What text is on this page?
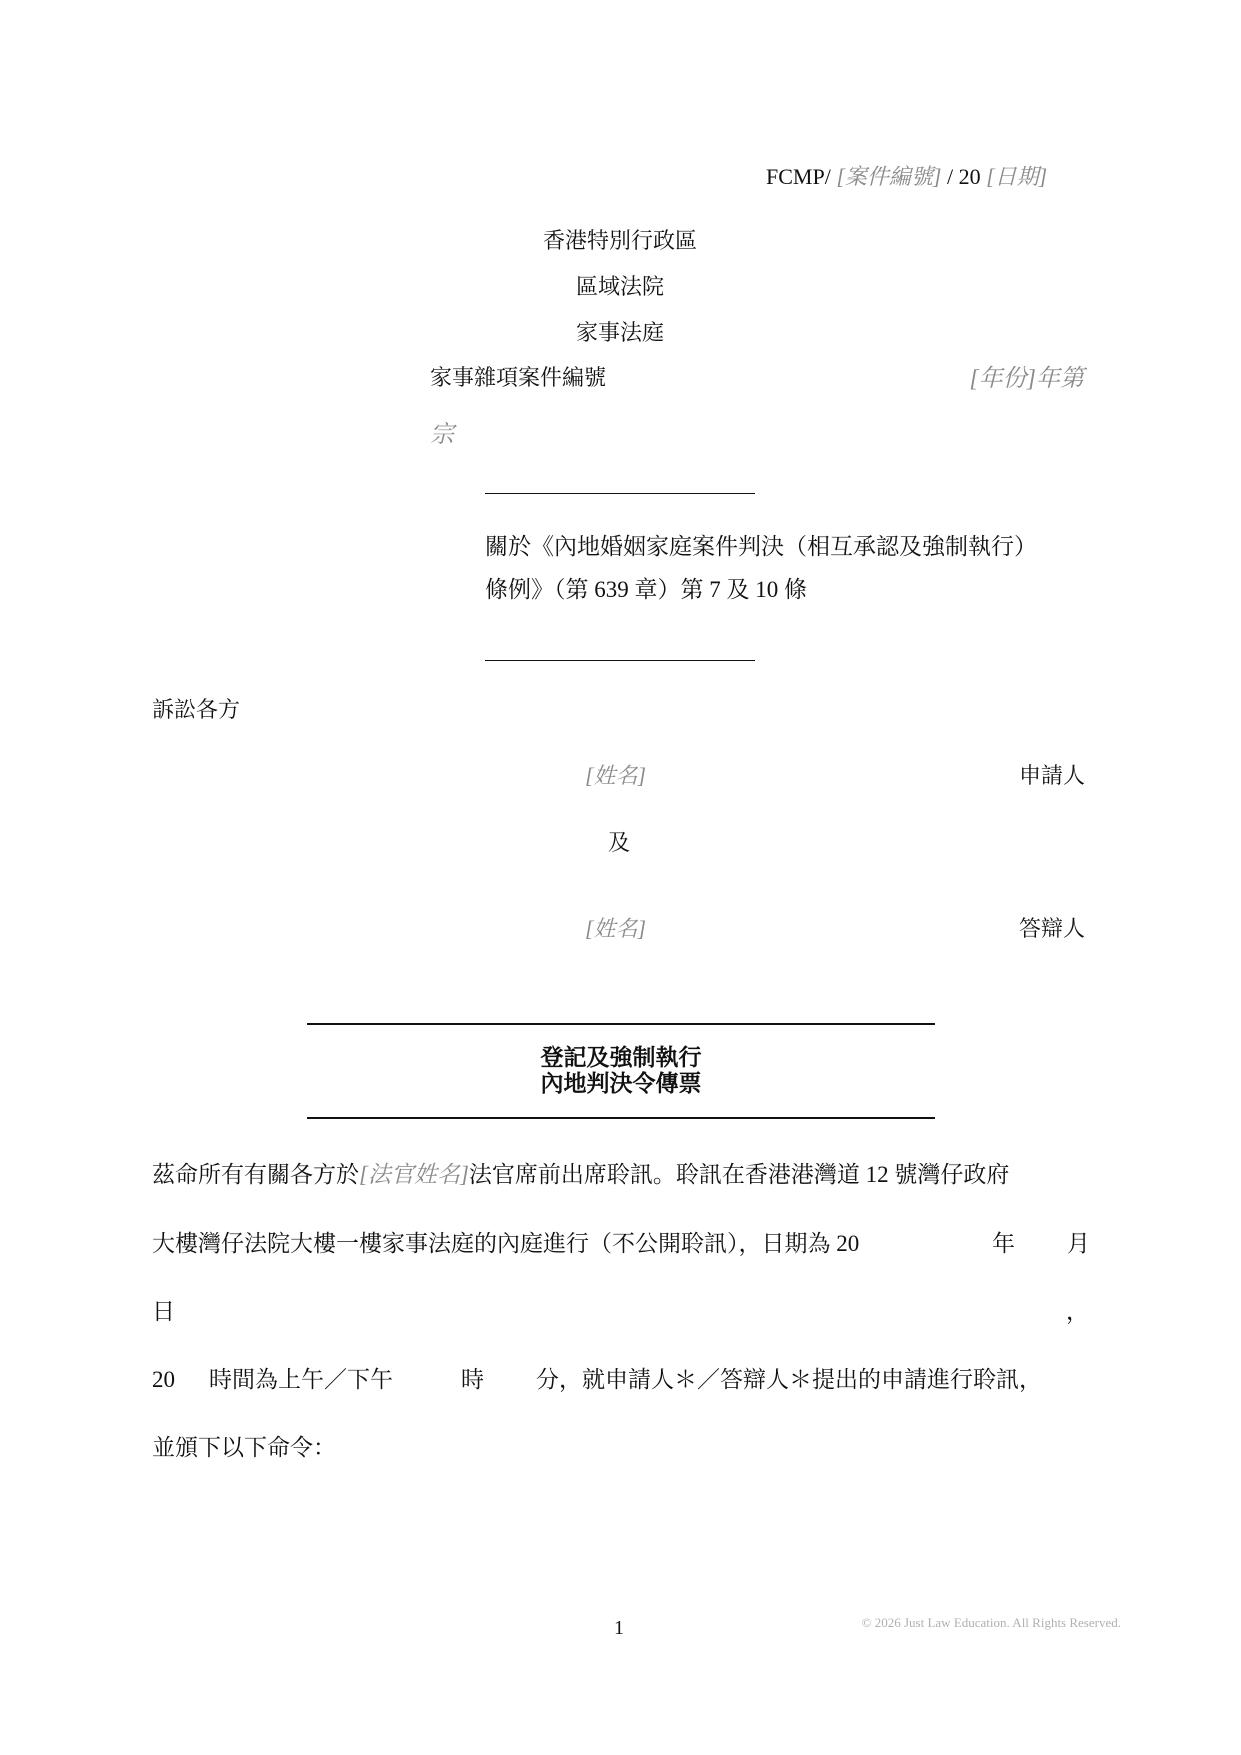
FCMP/ [案件編號] / 20 [日期]
香港特別行政區
區域法院
家事法庭
家事雜項案件編號	[年份]年第
宗
關於《內地婚姻家庭案件判決（相互承認及強制執行）
條例》（第 639 章）第 7 及 10 條
訴訟各方
[姓名]	申請人
及
[姓名]	答辯人
登記及強制執行
內地判決令傳票
茲命所有有關各方於[法官姓名]法官席前出席聆訊。聆訊在香港港灣道 12 號灣仔政府
大樓灣仔法院大樓一樓家事法庭的內庭進行（不公開聆訊），日期為 20	年 月
日	，
20 時間為上午／下午	時 分，就申請人＊／答辯人＊提出的申請進行聆訊，
並頒下以下命令：
1	© 2026 Just Law Education. All Rights Reserved.
